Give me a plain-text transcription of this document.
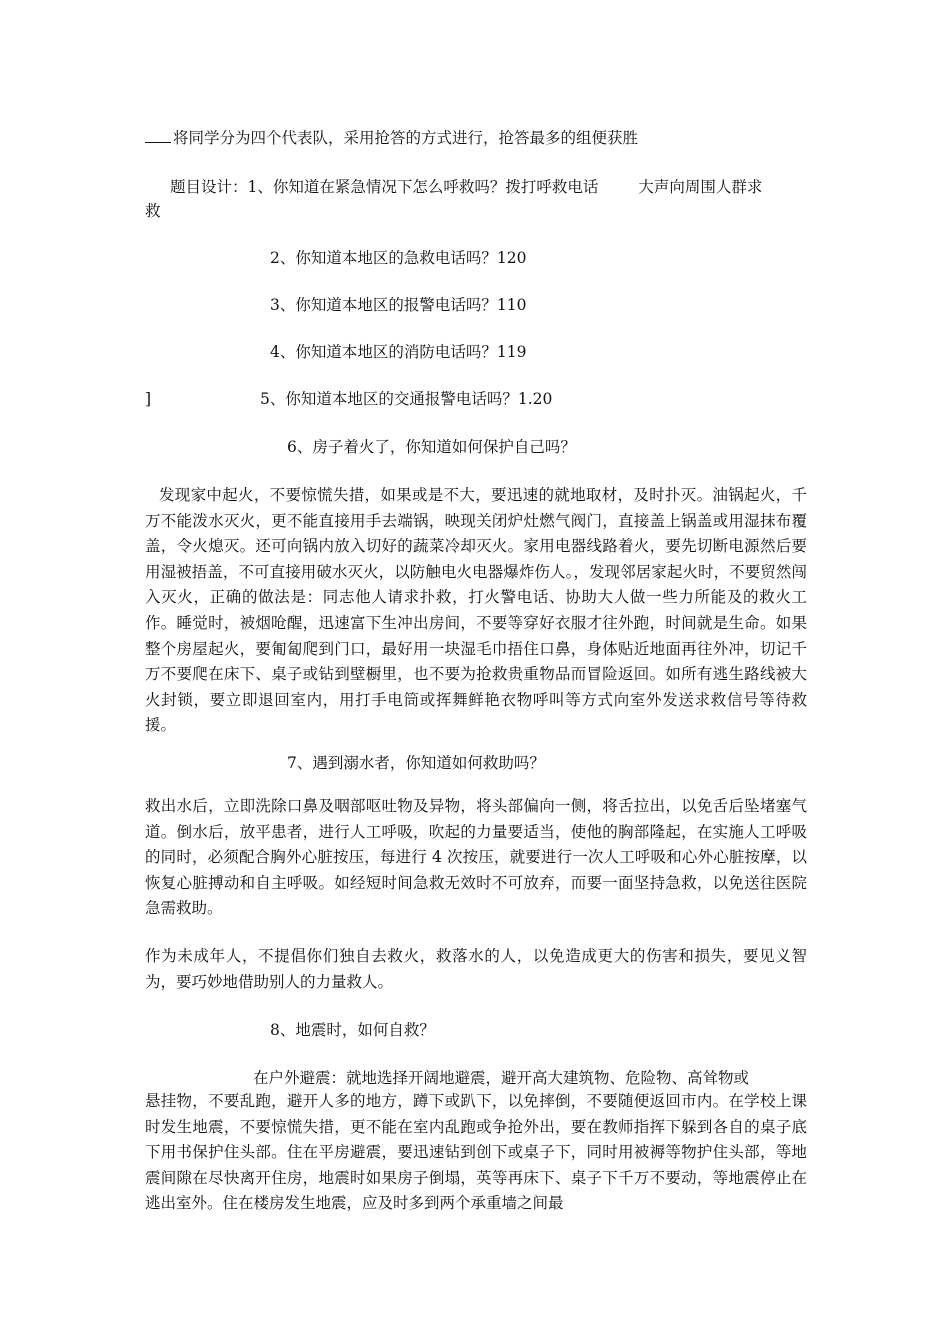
将同学分为四个代表队，采用抢答的方式进行，抢答最多的组便获胜
题目设计：1、你知道在紧急情况下怎么呼救吗？拨打呼救电话	大声向周围人群求
救
2、你知道本地区的急救电话吗？120
3、你知道本地区的报警电话吗？110
4、你知道本地区的消防电话吗？119
]	5、你知道本地区的交通报警电话吗？1.20
6、房子着火了，你知道如何保护自己吗？
发现家中起火，不要惊慌失措，如果或是不大，要迅速的就地取材，及时扑灭。油锅起火，千万不能泼水灭火，更不能直接用手去端锅，映现关闭炉灶燃气阀门，直接盖上锅盖或用湿抹布覆盖，令火熄灭。还可向锅内放入切好的蔬菜冷却灭火。家用电器线路着火，要先切断电源然后要用湿被捂盖，不可直接用破水灭火，以防触电火电器爆炸伤人。，发现邻居家起火时，不要贸然闯入灭火，正确的做法是：同志他人请求扑救，打火警电话、协助大人做一些力所能及的救火工作。睡觉时，被烟呛醒，迅速富下生冲出房间，不要等穿好衣服才往外跑，时间就是生命。如果整个房屋起火，要匍匐爬到门口，最好用一块湿毛巾捂住口鼻，身体贴近地面再往外冲，切记千万不要爬在床下、桌子或钻到壁橱里，也不要为抢救贵重物品而冒险返回。如所有逃生路线被大火封锁，要立即退回室内，用打手电筒或挥舞鲜艳衣物呼叫等方式向室外发送求救信号等待救援。
7、遇到溺水者，你知道如何救助吗？
救出水后，立即洗除口鼻及咽部呕吐物及异物，将头部偏向一侧，将舌拉出，以免舌后坠堵塞气道。倒水后，放平患者，进行人工呼吸，吹起的力量要适当，使他的胸部隆起，在实施人工呼吸的同时，必须配合胸外心脏按压，每进行 4 次按压，就要进行一次人工呼吸和心外心脏按摩，以恢复心脏搏动和自主呼吸。如经短时间急救无效时不可放弃，而要一面坚持急救，以免送往医院急需救助。
作为未成年人，不提倡你们独自去救火，救落水的人，以免造成更大的伤害和损失，要见义智为，要巧妙地借助别人的力量救人。
8、地震时，如何自救？
在户外避震：就地选择开阔地避震，避开高大建筑物、危险物、高耸物或
悬挂物，不要乱跑，避开人多的地方，蹲下或趴下，以免摔倒，不要随便返回市内。在学校上课时发生地震，不要惊慌失措，更不能在室内乱跑或争抢外出，要在教师指挥下躲到各自的桌子底下用书保护住头部。住在平房避震，要迅速钻到创下或桌子下，同时用被褥等物护住头部，等地震间隙在尽快离开住房，地震时如果房子倒塌，英等再床下、桌子下千万不要动，等地震停止在逃出室外。住在楼房发生地震，应及时多到两个承重墙之间最
